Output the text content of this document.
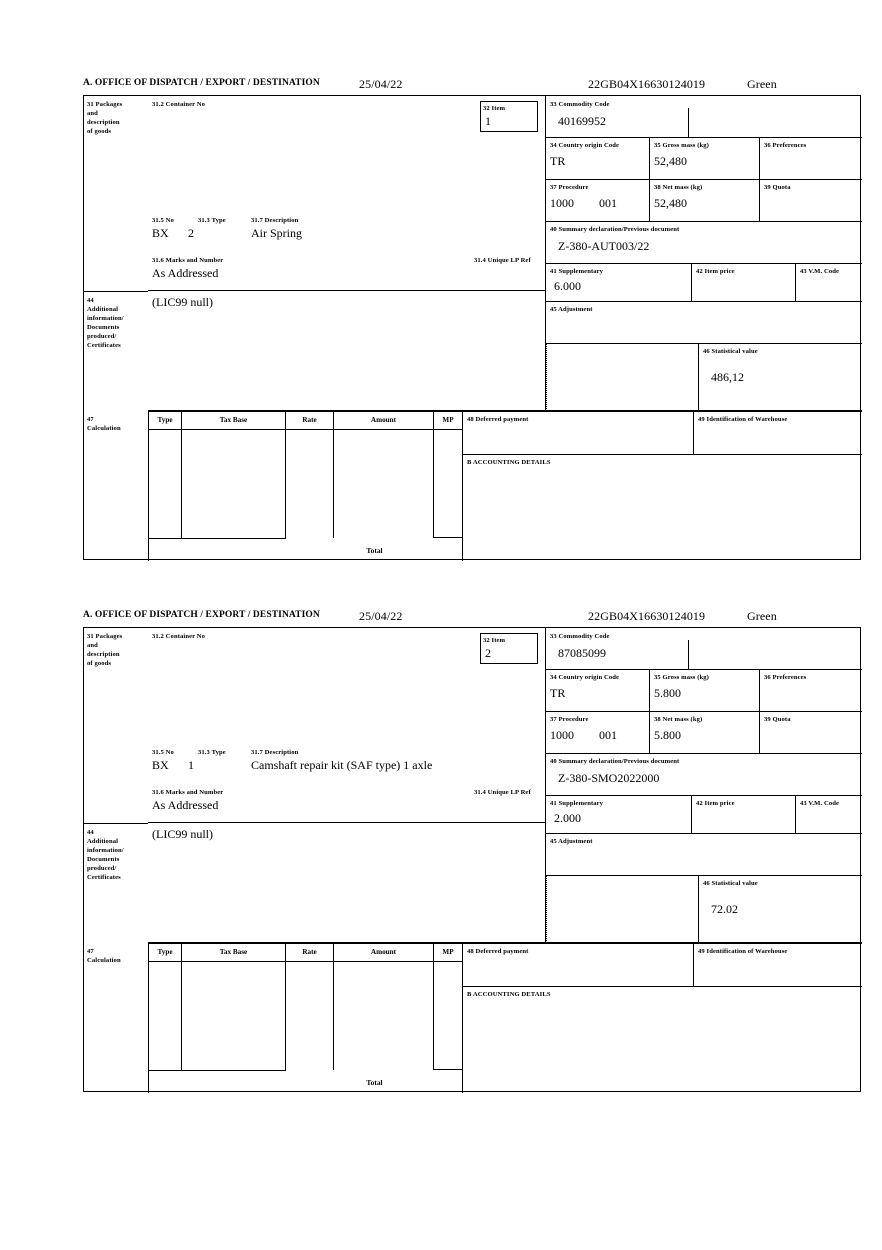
A. OFFICE OF DISPATCH / EXPORT / DESTINATION	25/04/22	22GB04X16630124019	Green
31 Packages
and
description
of goods
31.2 Container No
31.5 No	31.3 Type	31.7 Description
BX 2	Air Spring
31.6 Marks and Number	31.4 Unique LP Ref
As Addressed
32 Item
1
33 Commodity Code
40169952
34 Country origin Code
TR
35 Gross mass (kg)
52,480
36 Preferences
37 Procedure
1000 001
38 Net mass (kg)
52,480
39 Quota
40 Summary declaration/Previous document
Z-380-AUT003/22
41 Supplementary
6.000
42 Item price	43 V.M. Code
45 Adjustment
46 Statistical value
486,12
44
Additional
information/
Documents
produced/
Certificates
(LIC99 null)
47
Calculation
Type	Tax Base	Rate	Amount	MP
Total
48 Deferred payment	49 Identification of Warehouse
B ACCOUNTING DETAILS
A. OFFICE OF DISPATCH / EXPORT / DESTINATION	25/04/22	22GB04X16630124019	Green
31 Packages
and
description
of goods
31.2 Container No
31.5 No	31.3 Type	31.7 Description
BX 1	Camshaft repair kit (SAF type) 1 axle
31.6 Marks and Number	31.4 Unique LP Ref
As Addressed
32 Item
2
33 Commodity Code
87085099
34 Country origin Code
TR
35 Gross mass (kg)
5.800
36 Preferences
37 Procedure
1000 001
38 Net mass (kg)
5.800
39 Quota
40 Summary declaration/Previous document
Z-380-SMO2022000
41 Supplementary
2.000
42 Item price	43 V.M. Code
45 Adjustment
46 Statistical value
72.02
44
Additional
information/
Documents
produced/
Certificates
(LIC99 null)
47
Calculation
Type	Tax Base	Rate	Amount	MP
Total
48 Deferred payment	49 Identification of Warehouse
B ACCOUNTING DETAILS
